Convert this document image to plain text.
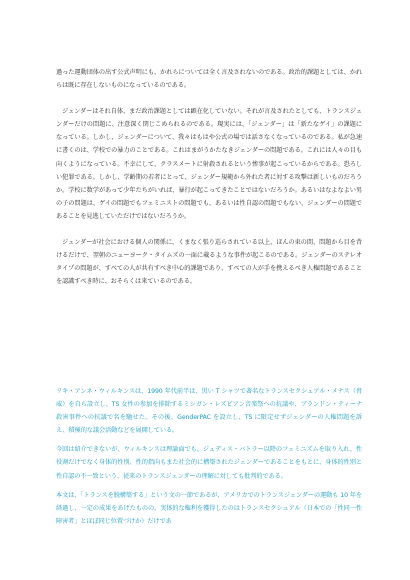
過った運動団体の出す公式声明にも、かれらについては全く言及されないのである。政治的課題としては、かれらは既に存在しないものになっているのである。

ジェンダーはそれ自体、まだ政治課題としては顕在化していない。それが言及されたとしても、トランスジェンダーだけの問題に、注意深く閉じこめられるのである。現実には、「ジェンダー」は「新たなゲイ」の課題になっている。しかし、ジェンダーについて、我々はもはや公式の場では話さなくなっているのである。私が急速に書くのは、学校での暴力のことである。これはまがうかたなきジェンダーの問題である。これには人々の目も向くようになっている。不幸にして、クラスメートに射殺されるという惨事が起こっているからである。恐ろしい犯罪である。しかし、学齢期の若者にとって、ジェンダー規範から外れた者に対する攻撃は新しいものだろうか。学校に数学があって少年たちがいれば、暴行が起こってきたことではないだろうか。あるいはなよなよい男の子の問題は、ゲイの問題でもフェミニストの問題でも、あるいは性自認の問題でもない、ジェンダーの問題であることを見逃していただけではないだろうか。

ジェンダーが社会における個人の関係に、くまなく張り巡らされている以上、ほんの束の間、問題から目を背けるだけで、翌朝のニューヨーク・タイムズの一面に載るような事件が起こるのである。ジェンダーのステレオタイプの問題が、すべての人が共有すべき中心的課題であり、すべての人が手を携えるべき人権問題であることを認識すべき時に、おそらくは来ているのである。

リキ・アンネ・ウィルキンスは、1990 年代前半は、黒い T シャツで著名なトランスセクシュアル・メナス（脅威）を自ら設立し、TS 女性の参加を排除するミシガン・レズビアン音楽祭への抗議や、ブランドン・ティーナ殺害事件への抗議で名を馳せた。その後、GenderPAC を設立し、TS に限定せずジェンダーの人権問題を訴え、積極的な議会活動などを展開している。

今回は紹介できないが、ウィルキンスは理論面でも、ジュディス・バトラー以降のフェミニズムを取り入れ、性役割だけでなく身体的性別、性的指向もまた社会的に構築されたジェンダーであることをもとに、身体的性別と性自認の不一致という、従来のトランスジェンダーの理解に対しても批判的である。

本文は、「トランスを脱構築する」という文の一節であるが、アメリカでのトランスジェンダーの運動も 10 年を経過し、一定の成果をあげたものの、実体的な権利を獲得したのはトランスセクシュアル（日本での「性同一性障害者」とほぼ同じ位置づけか）だけであ
